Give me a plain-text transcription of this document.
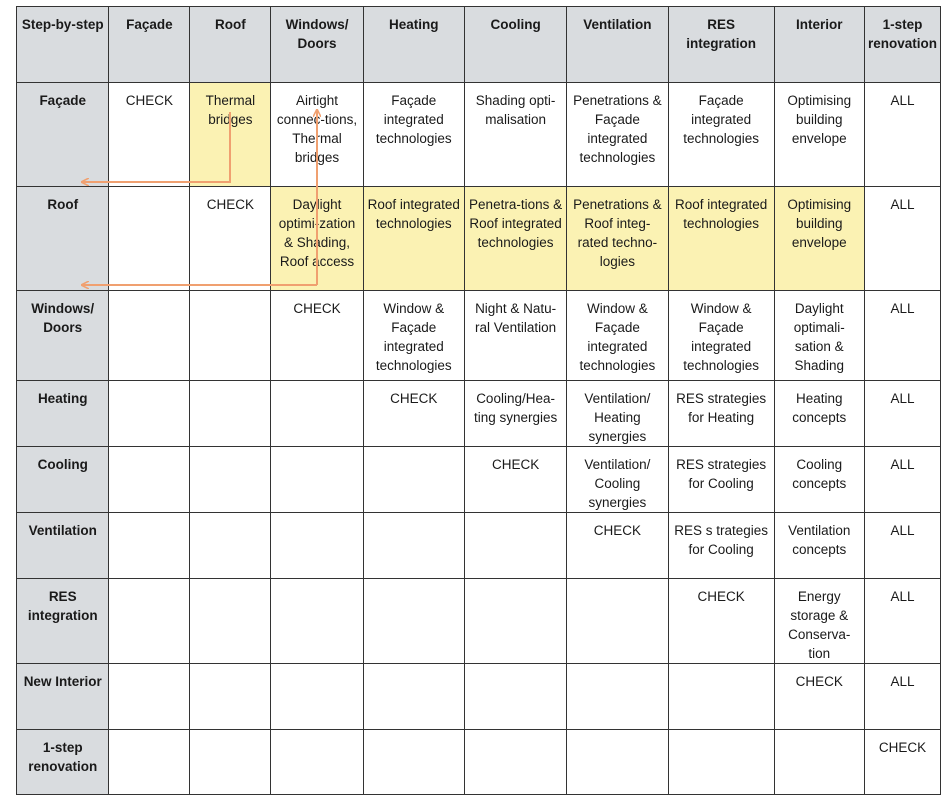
Step-by-step	Façade	Roof	Windows/ Doors	Heating	Cooling	Ventilation	RES integration	Interior	1-step renovation
Façade	CHECK	Thermal bridges	Airtight connec-tions, Thermal bridges	Façade integrated technologies	Shading opti-malisation	Penetrations & Façade integrated technologies	Façade integrated technologies	Optimising building envelope	ALL
Roof		CHECK	Daylight optimi-zation & Shading, Roof access	Roof integrated technologies	Penetra-tions & Roof integrated technologies	Penetrations & Roof integ-rated techno-logies	Roof integrated technologies	Optimising building envelope	ALL
Windows/ Doors			CHECK	Window & Façade integrated technologies	Night & Natu-ral Ventilation	Window & Façade integrated technologies	Window & Façade integrated technologies	Daylight optimali-sation & Shading	ALL
Heating				CHECK	Cooling/Hea-ting synergies	Ventilation/ Heating synergies	RES strategies for Heating	Heating concepts	ALL
Cooling					CHECK	Ventilation/ Cooling synergies	RES strategies for Cooling	Cooling concepts	ALL
Ventilation						CHECK	RES s trategies for Cooling	Ventilation concepts	ALL
RES integration							CHECK	Energy storage & Conserva-tion	ALL
New Interior								CHECK	ALL
1-step renovation									CHECK
